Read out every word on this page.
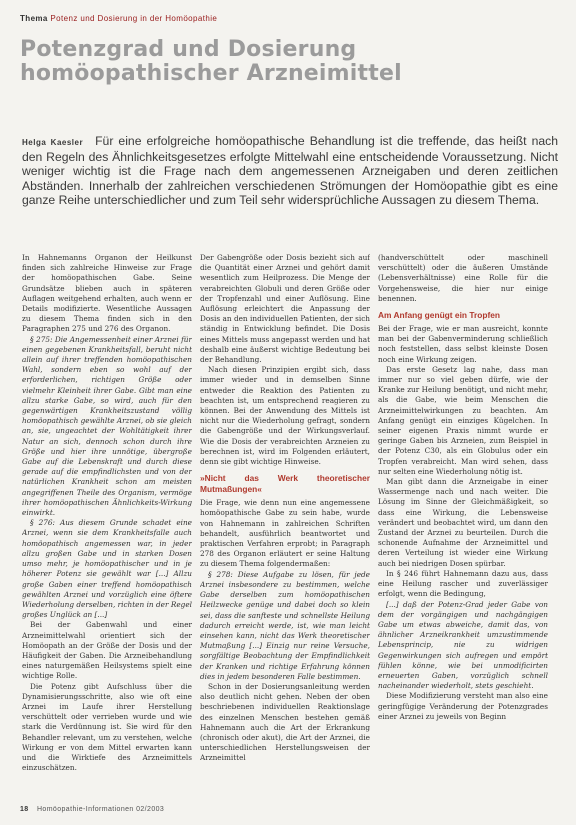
Thema Potenz und Dosierung in der Homöopathie
Potenzgrad und Dosierung homöopathischer Arzneimittel
Helga Kaesler Für eine erfolgreiche homöopathische Behandlung ist die treffende, das heißt nach den Regeln des Ähnlichkeitsgesetzes erfolgte Mittelwahl eine entscheidende Voraussetzung. Nicht weniger wichtig ist die Frage nach dem angemessenen Arzneigaben und deren zeitlichen Abständen. Innerhalb der zahlreichen verschiedenen Strömungen der Homöopathie gibt es eine ganze Reihe unterschiedlicher und zum Teil sehr widersprüchliche Aussagen zu diesem Thema.

In Hahnemanns Organon der Heilkunst finden sich zahlreiche Hinweise zur Frage der homöopathischen Gabe. Seine Grundsätze blieben auch in späteren Auflagen weitgehend erhalten, auch wenn er Details modifizierte. Wesentliche Aussagen zu diesem Thema finden sich in den Paragraphen 275 und 276 des Organon.

§ 275: Die Angemessenheit einer Arznei für einen gegebenen Krankheitsfall, beruht nicht allein auf ihrer treffenden homöopathischen Wahl, sondern eben so wohl auf der erforderlichen, richtigen Größe oder vielmehr Kleinheit ihrer Gabe. Gibt man eine allzu starke Gabe, so wird, auch für den gegenwärtigen Krankheitszustand völlig homöopathisch gewählte Arznei, ob sie gleich an, sie, ungeachtet der Wohltätigkeit ihrer Natur an sich, dennoch schon durch ihre Größe und hier ihre unnötige, übergroße Gabe auf die Lebenskraft und durch diese gerade auf die empfindlichsten und von der natürlichen Krankheit schon am meisten angegriffenen Theile des Organism, vermöge ihrer homöopathischen Ähnlichkeits-Wirkung einwirkt.

§ 276: Aus diesem Grunde schadet eine Arznei, wenn sie dem Krankheitsfalle auch homöopathisch angemessen war, in jeder allzu großen Gabe und in starken Dosen umso mehr, je homöopathischer und in je höherer Potenz sie gewählt war [...] Allzu große Gaben einer treffend homöopathisch gewählten Arznei und vorzüglich eine öftere Wiederholung derselben, richten in der Regel großes Unglück an [...]

Bei der Gabenwahl und einer Arzneimittelwahl orientiert sich der Homöopath an der Größe der Dosis und der Häufigkeit der Gaben. Die Arzneibehandlung eines naturgemäßen Heilsystems spielt eine wichtige Rolle.

Die Potenz gibt Aufschluss über die Dynamisierungsschritte, also wie oft eine Arznei im Laufe ihrer Herstellung verschüttelt oder verrieben wurde und wie stark die Verdünnung ist. Sie wird für den Behandler relevant, um zu verstehen, welche Wirkung er von dem Mittel erwarten kann und die Wirktiefe des Arzneimittels einzuschätzen.

Der Gabengröße oder Dosis bezieht sich auf die Quantität einer Arznei und gehört damit wesentlich zum Heilprozess. Die Menge der verabreichten Globuli und deren Größe oder der Tropfenzahl und einer Auflösung. Eine Auflösung erleichtert die Anpassung der Dosis an den individuellen Patienten, der sich ständig in Entwicklung befindet. Die Dosis eines Mittels muss angepasst werden und hat deshalb eine äußerst wichtige Bedeutung bei der Behandlung.

Nach diesen Prinzipien ergibt sich, dass immer wieder und in demselben Sinne entweder die Reaktion des Patienten zu beachten ist, um entsprechend reagieren zu können. Bei der Anwendung des Mittels ist nicht nur die Wiederholung gefragt, sondern die Gabengröße und der Wirkungsverlauf. Wie die Dosis der verabreichten Arzneien zu berechnen ist, wird im Folgenden erläutert, denn sie gibt wichtige Hinweise.

»Nicht das Werk theoretischer Mutmaßungen«

Die Frage, wie denn nun eine angemessene homöopathische Gabe zu sein habe, wurde von Hahnemann in zahlreichen Schriften behandelt, ausführlich beantwortet und praktischen Verfahren erprobt; in Paragraph 278 des Organon erläutert er seine Haltung zu diesem Thema folgendermaßen:

§ 278: Diese Aufgabe zu lösen, für jede Arznei insbesondere zu bestimmen, welche Gabe derselben zum homöopathischen Heilzwecke genüge und dabei doch so klein sei, dass die sanfteste und schnellste Heilung dadurch erreicht werde, ist, wie man leicht einsehen kann, nicht das Werk theoretischer Mutmaßung [...] Einzig nur reine Versuche, sorgfältige Beobachtung der Empfindlichkeit der Kranken und richtige Erfahrung können dies in jedem besonderen Falle bestimmen.

Schon in der Dosierungsanleitung werden also deutlich nicht gehen. Neben der oben beschriebenen individuellen Reaktionslage des einzelnen Menschen bestehen gemäß Hahnemann auch die Art der Erkrankung (chronisch oder akut), die Art der Arznei, die unterschiedlichen Herstellungsweisen der Arzneimittel

(handverschüttelt oder maschinell verschüttelt) oder die äußeren Umstände (Lebensverhältnisse) eine Rolle für die Vorgehensweise, die hier nur einige benennen.

Am Anfang genügt ein Tropfen

Bei der Frage, wie er man ausreicht, konnte man bei der Gabenverminderung schließlich noch feststellen, dass selbst kleinste Dosen noch eine Wirkung zeigen.

Das erste Gesetz lag nahe, dass man immer nur so viel geben dürfe, wie der Kranke zur Heilung benötigt, und nicht mehr, als die Gabe, wie beim Menschen die Arzneimittelwirkungen zu beachten. Am Anfang genügt ein einziges Kügelchen. In seiner eigenen Praxis nimmt wurde er geringe Gaben bis Arzneien, zum Beispiel in der Potenz C30, als ein Globulus oder ein Tropfen verabreicht. Man wird sehen, dass nur selten eine Wiederholung nötig ist.

Man gibt dann die Arzneigabe in einer Wassermenge nach und nach weiter. Die Lösung im Sinne der Gleichmäßigkeit, so dass eine Wirkung, die Lebensweise verändert und beobachtet wird, um dann den Zustand der Arznei zu beurteilen. Durch die schonende Aufnahme der Arzneimittel und deren Verteilung ist wieder eine Wirkung auch bei niedrigen Dosen spürbar.

In § 246 führt Hahnemann dazu aus, dass eine Heilung rascher und zuverlässiger erfolgt, wenn die Bedingung,

[...] daß der Potenz-Grad jeder Gabe von dem der vorgängigen und nachgängigen Gabe um etwas abweiche, damit das, von ähnlicher Arzneikrankheit umzustimmende Lebensprincip, nie zu widrigen Gegenwirkungen sich aufregen und empört fühlen könne, wie bei unmodificirten erneuerten Gaben, vorzüglich schnell nacheinander wiederholt, stets geschieht.

Diese Modifizierung versteht man also eine geringfügige Veränderung der Potenzgrades einer Arznei zu jeweils von Beginn

18 Homöopathie-Informationen 02/2003
